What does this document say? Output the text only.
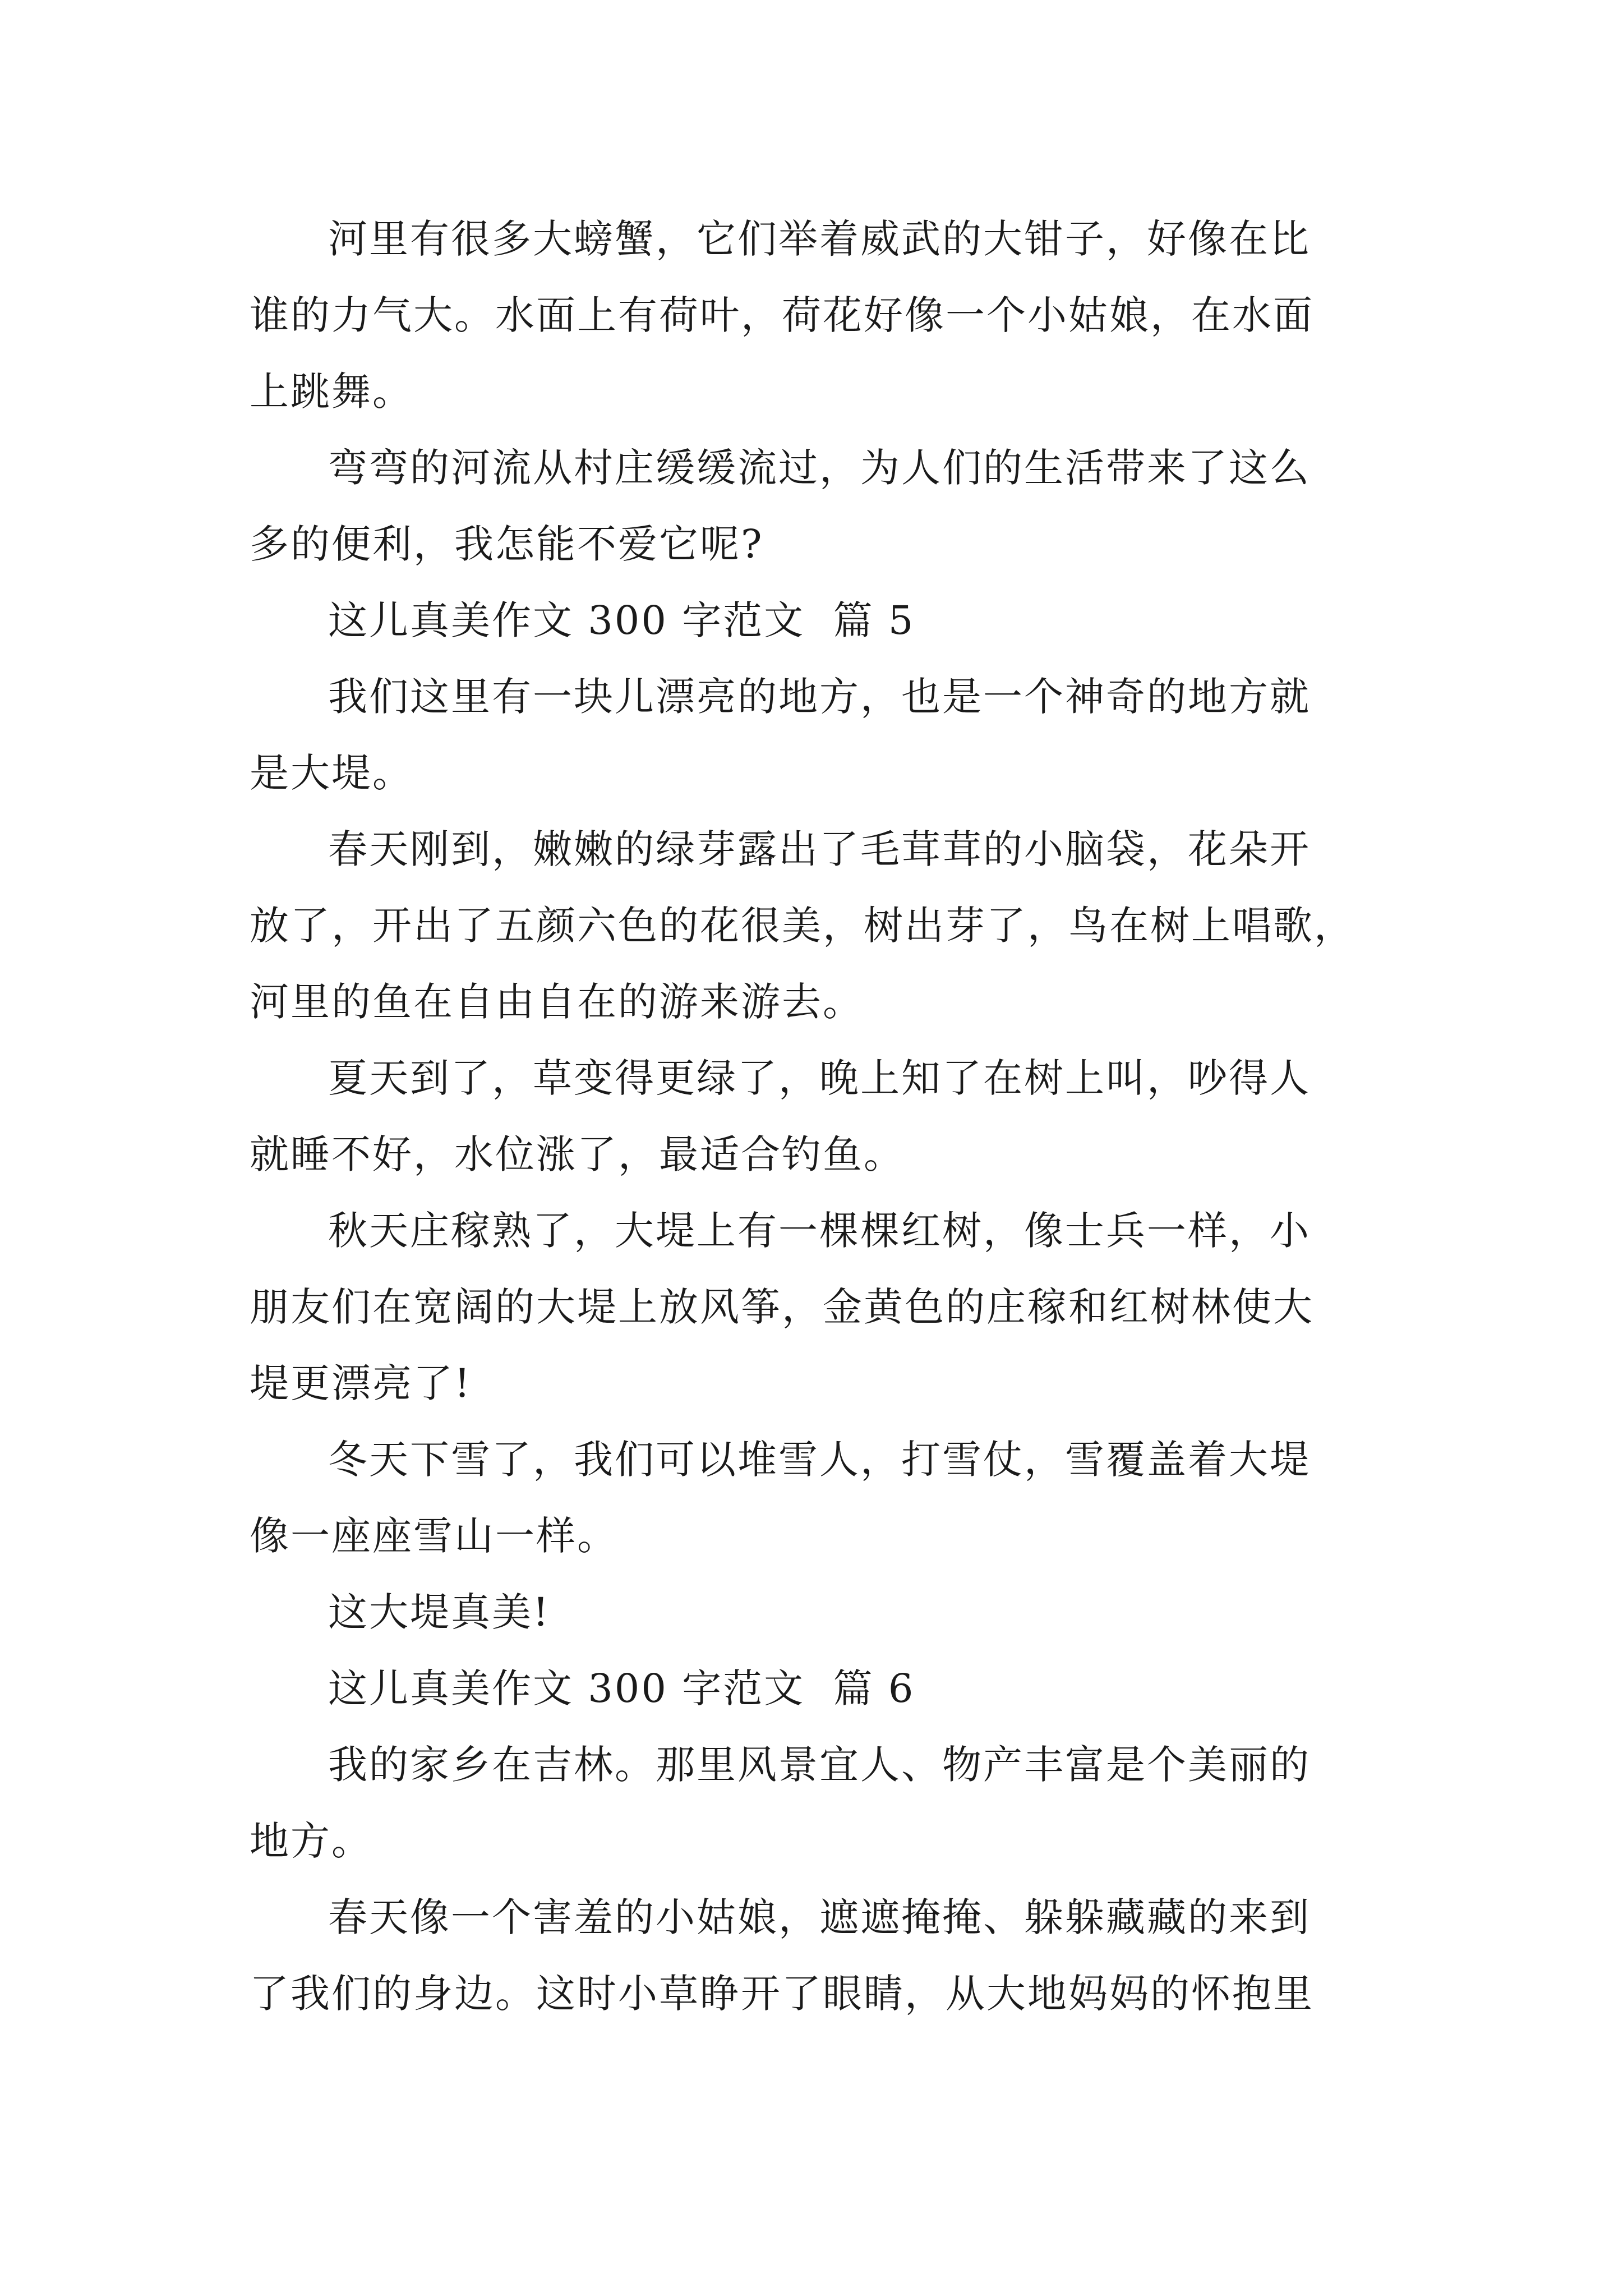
河里有很多大螃蟹，它们举着威武的大钳子，好像在比
谁的力气大。水面上有荷叶，荷花好像一个小姑娘，在水面
上跳舞。

弯弯的河流从村庄缓缓流过，为人们的生活带来了这么
多的便利，我怎能不爱它呢?

这儿真美作文 300 字范文  篇 5

我们这里有一块儿漂亮的地方，也是一个神奇的地方就
是大堤。

春天刚到，嫩嫩的绿芽露出了毛茸茸的小脑袋，花朵开
放了，开出了五颜六色的花很美，树出芽了，鸟在树上唱歌，
河里的鱼在自由自在的游来游去。

夏天到了，草变得更绿了，晚上知了在树上叫，吵得人
就睡不好，水位涨了，最适合钓鱼。

秋天庄稼熟了，大堤上有一棵棵红树，像士兵一样，小
朋友们在宽阔的大堤上放风筝，金黄色的庄稼和红树林使大
堤更漂亮了!

冬天下雪了，我们可以堆雪人，打雪仗，雪覆盖着大堤
像一座座雪山一样。

这大堤真美!

这儿真美作文 300 字范文  篇 6

我的家乡在吉林。那里风景宜人、物产丰富是个美丽的
地方。

春天像一个害羞的小姑娘，遮遮掩掩、躲躲藏藏的来到
了我们的身边。这时小草睁开了眼睛，从大地妈妈的怀抱里
